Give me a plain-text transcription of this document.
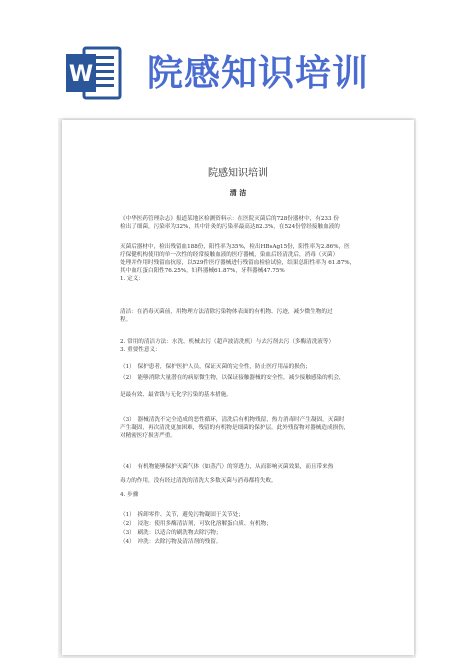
W 院感知识培训
院感知识培训
清 洁
《中华医药管理杂志》报道某地区检测资料示：在医院灭菌后的728份器材中，有233 份
检出了细菌，污染率为32%，其中针灸的污染率最高达82.3%，在524份曾经接触血液的
灭菌后器材中，检出残留血188份，阳性率为35%，检出HBsAg15份，阳性率为2.86%，医
疗保健机构使用的单一次性的经常接触血液的医疗器械，染血后经清洗后，消毒（灭菌）
处理并作用时残留血抗原，以529件医疗器械进行残留血检验试验，结果总阳性率为 61.87%，
其中血红蛋白阳性76.25%，妇科器械61.87%，牙科器械47.75%
1. 定义：
清洁：在消毒灭菌前，用物理方法清除污染物体表面的有机物、污迹，减少微生物的过
程。
2. 常用的清洁方法：水洗、机械去污（超声波清洗机）与去污剂去污（多酶清洗液等）
3. 重要性意义：
（1）　保护患者，保护医护人员，保证灭菌的完全性，防止医疗用品的损伤；
（2）　能够消除大量潜在的病原微生物，以保证接触器械的安全性，减少接触感染的机会，
是最有效、最省钱与无化学污染的基本措施。
（3）　器械清洗不完全造成的恶性循环，清洗后有机物残留，热力消毒时产生凝固，灭菌时
产生凝固，再次清洗更加困难，残留的有机物是细菌的保护层。此外残留物对器械造成损伤，
对精密医疗损害严重。
（4）　有机物能够保护灭菌气体（如蒸汽）的穿透力，从而影响灭菌效果，而且带来热
毒力的作用，没有经过清洗的清洗大多数灭菌与消毒都将失败。
4. 步骤
（1）　拆卸零件、关节，避免污物凝固于关节处；
（2）　浸泡：使用多酶清洁剂，可软化溶解蛋白质、有机物；
（3）　刷洗：以适合的刷洗物去除污物；
（4）　冲洗：去除污物及清洁剂的残留。
